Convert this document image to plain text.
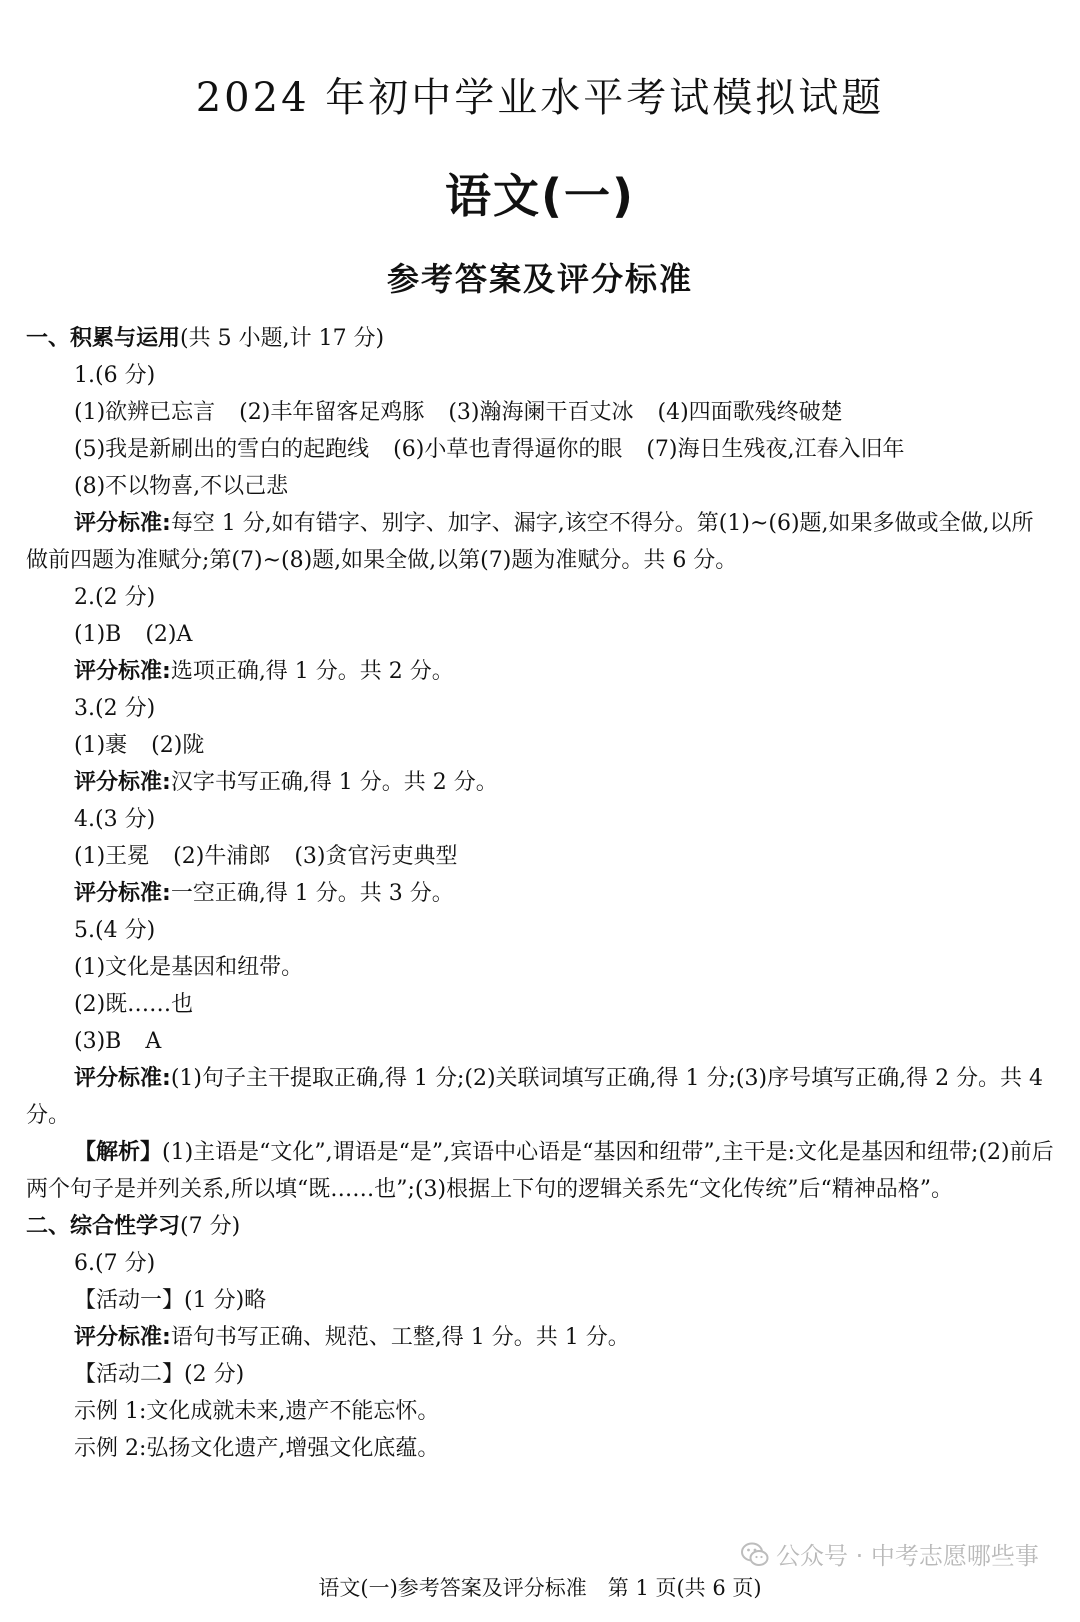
2024 年初中学业水平考试模拟试题
语文(一)
参考答案及评分标准
一、积累与运用(共 5 小题,计 17 分)
1.(6 分)
(1)欲辨已忘言 (2)丰年留客足鸡豚 (3)瀚海阑干百丈冰 (4)四面歌残终破楚
(5)我是新刷出的雪白的起跑线 (6)小草也青得逼你的眼 (7)海日生残夜,江春入旧年
(8)不以物喜,不以己悲
评分标准:每空 1 分,如有错字、别字、加字、漏字,该空不得分。第(1)~(6)题,如果多做或全做,以所做前四题为准赋分;第(7)~(8)题,如果全做,以第(7)题为准赋分。共 6 分。
2.(2 分)
(1)B (2)A
评分标准:选项正确,得 1 分。共 2 分。
3.(2 分)
(1)裹 (2)陇
评分标准:汉字书写正确,得 1 分。共 2 分。
4.(3 分)
(1)王冕 (2)牛浦郎 (3)贪官污吏典型
评分标准:一空正确,得 1 分。共 3 分。
5.(4 分)
(1)文化是基因和纽带。
(2)既……也
(3)B A
评分标准:(1)句子主干提取正确,得 1 分;(2)关联词填写正确,得 1 分;(3)序号填写正确,得 2 分。共 4 分。
【解析】(1)主语是“文化”,谓语是“是”,宾语中心语是“基因和纽带”,主干是:文化是基因和纽带;(2)前后两个句子是并列关系,所以填“既……也”;(3)根据上下句的逻辑关系先“文化传统”后“精神品格”。
二、综合性学习(7 分)
6.(7 分)
【活动一】(1 分)略
评分标准:语句书写正确、规范、工整,得 1 分。共 1 分。
【活动二】(2 分)
示例 1:文化成就未来,遗产不能忘怀。
示例 2:弘扬文化遗产,增强文化底蕴。
公众号 · 中考志愿哪些事
语文(一)参考答案及评分标准　第 1 页(共 6 页)
